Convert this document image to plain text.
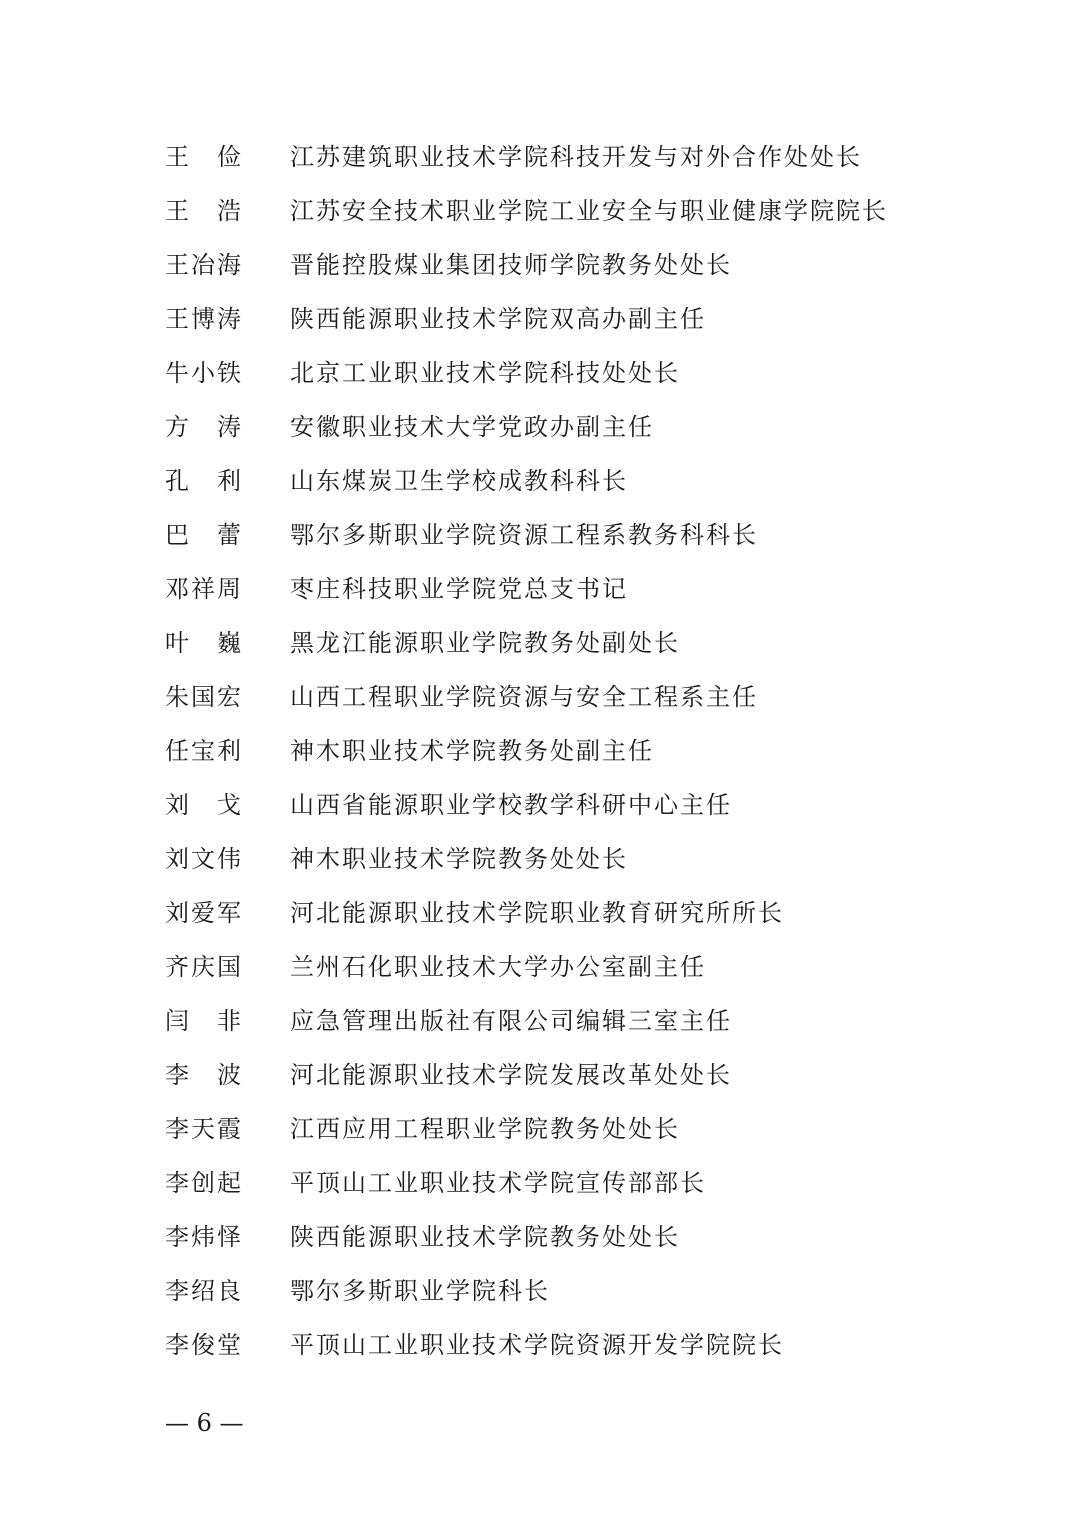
王 俭 江苏建筑职业技术学院科技开发与对外合作处处长
王 浩 江苏安全技术职业学院工业安全与职业健康学院院长
王 冶 海 晋能控股煤业集团技师学院教务处处长
王 博 涛 陕西能源职业技术学院双高办副主任
牛 小 铁 北京工业职业技术学院科技处处长
方 涛 安徽职业技术大学党政办副主任
孔 利 山东煤炭卫生学校成教科科长
巴 蕾 鄂尔多斯职业学院资源工程系教务科科长
邓 祥 周 枣庄科技职业学院党总支书记
叶 巍 黑龙江能源职业学院教务处副处长
朱 国 宏 山西工程职业学院资源与安全工程系主任
任 宝 利 神木职业技术学院教务处副主任
刘 戈 山西省能源职业学校教学科研中心主任
刘 文 伟 神木职业技术学院教务处处长
刘 爱 军 河北能源职业技术学院职业教育研究所所长
齐 庆 国 兰州石化职业技术大学办公室副主任
闫 非 应急管理出版社有限公司编辑三室主任
李 波 河北能源职业技术学院发展改革处处长
李 天 霞 江西应用工程职业学院教务处处长
李 创 起 平顶山工业职业技术学院宣传部部长
李 炜 怿 陕西能源职业技术学院教务处处长
李 绍 良 鄂尔多斯职业学院科长
李 俊 堂 平顶山工业职业技术学院资源开发学院院长
— 6 —
